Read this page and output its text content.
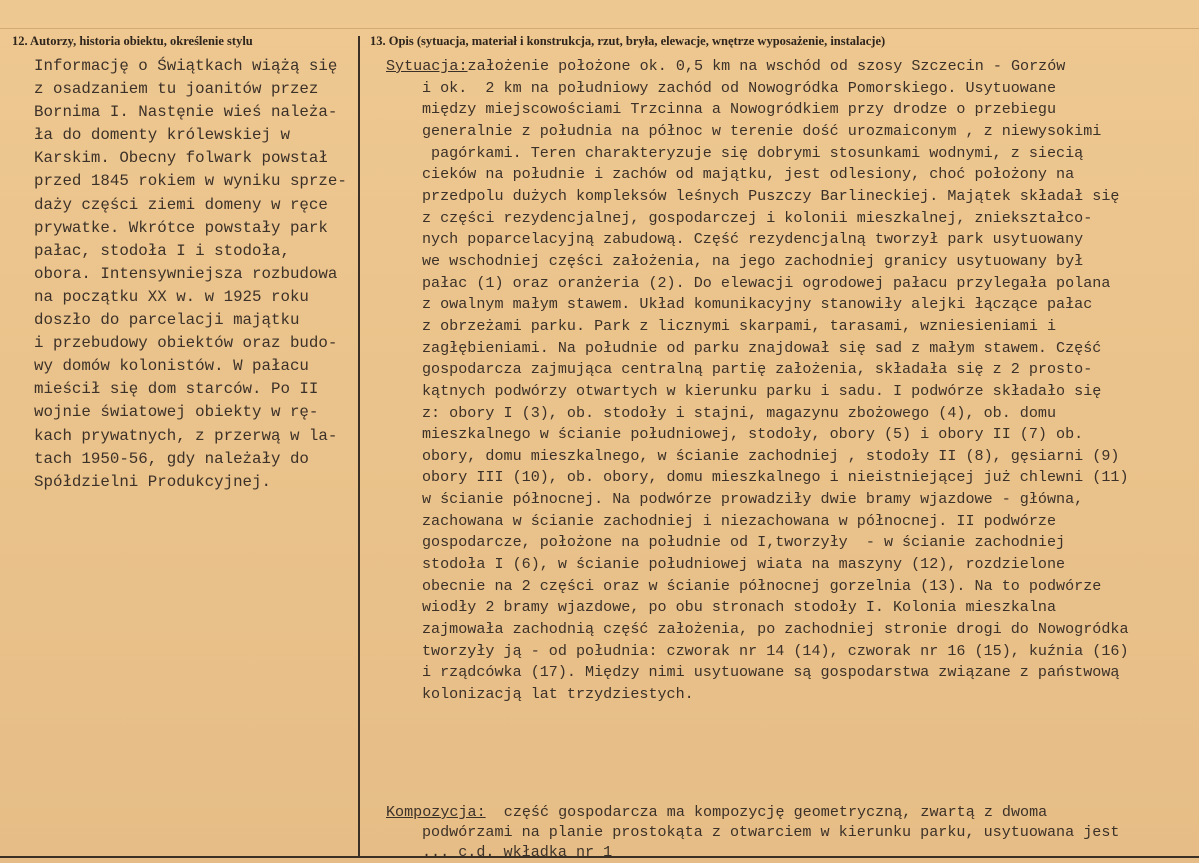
12. Autorzy, historia obiektu, określenie stylu	13. Opis (sytuacja, materiał i konstrukcja, rzut, bryła, elewacje, wnętrze wyposażenie, instalacje)
Informację o Świątkach wiążą się
z osadzaniem tu joanitów przez
Bornima I. Nastęnie wieś należa-
ła do domenty królewskiej w
Karskim. Obecny folwark powstał
przed 1845 rokiem w wyniku sprze-
daży części ziemi domeny w ręce
prywatke. Wkrótce powstały park
pałac, stodoła I i stodoła,
obora. Intensywniejsza rozbudowa
na początku XX w. w 1925 roku
doszło do parcelacji majątku
i przebudowy obiektów oraz budo-
wy domów kolonistów. W pałacu
mieścił się dom starców. Po II
wojnie światowej obiekty w rę-
kach prywatnych, z przerwą w la-
tach 1950-56, gdy należały do
Spółdzielni Produkcyjnej.
Sytuacja:założenie położone ok. 0,5 km na wschód od szosy Szczecin - Gorzów
i ok.  2 km na południowy zachód od Nowogródka Pomorskiego. Usytuowane
między miejscowościami Trzcinna a Nowogródkiem przy drodze o przebiegu
generalnie z południa na północ w terenie dość urozmaiconym , z niewysokimi
pagórkami. Teren charakteryzuje się dobrymi stosunkami wodnymi, z siecią
cieków na południe i zachów od majątku, jest odlesiony, choć położony na
przedpolu dużych kompleksów leśnych Puszczy Barlineckiej. Majątek składał się
z części rezydencjalnej, gospodarczej i kolonii mieszkalnej, zniekształco-
nych poparcelacyjną zabudową. Część rezydencjalną tworzył park usytuowany
we wschodniej części założenia, na jego zachodniej granicy usytuowany był
pałac (1) oraz oranżeria (2). Do elewacji ogrodowej pałacu przylegała polana
z owalnym małym stawem. Układ komunikacyjny stanowiły alejki łączące pałac
z obrzeżami parku. Park z licznymi skarpami, tarasami, wzniesieniami i
zagłębieniami. Na południe od parku znajdował się sad z małym stawem. Część
gospodarcza zajmująca centralną partię założenia, składała się z 2 prosto-
kątnych podwórzy otwartych w kierunku parku i sadu. I podwórze składało się
z: obory I (3), ob. stodoły i stajni, magazynu zbożowego (4), ob. domu
mieszkalnego w ścianie południowej, stodoły, obory (5) i obory II (7) ob.
obory, domu mieszkalnego, w ścianie zachodniej , stodoły II (8), gęsiarni (9)
obory III (10), ob. obory, domu mieszkalnego i nieistniejącej już chlewni (11)
w ścianie północnej. Na podwórze prowadziły dwie bramy wjazdowe - główna,
zachowana w ścianie zachodniej i niezachowana w północnej. II podwórze
gospodarcze, położone na południe od I,tworzyły  - w ścianie zachodniej
stodoła I (6), w ścianie południowej wiata na maszyny (12), rozdzielone
obecnie na 2 części oraz w ścianie północnej gorzelnia (13). Na to podwórze
wiodły 2 bramy wjazdowe, po obu stronach stodoły I. Kolonia mieszkalna
zajmowała zachodnią część założenia, po zachodniej stronie drogi do Nowogródka
tworzyły ją - od południa: czworak nr 14 (14), czworak nr 16 (15), kuźnia (16)
i rządcówka (17). Między nimi usytuowane są gospodarstwa związane z państwową
kolonizacją lat trzydziestych.
Kompozycja:  część gospodarcza ma kompozycję geometryczną, zwartą z dwoma
podwórzami na planie prostokąta z otwarciem w kierunku parku, usytuowana jest
... c.d. wkładka nr 1
